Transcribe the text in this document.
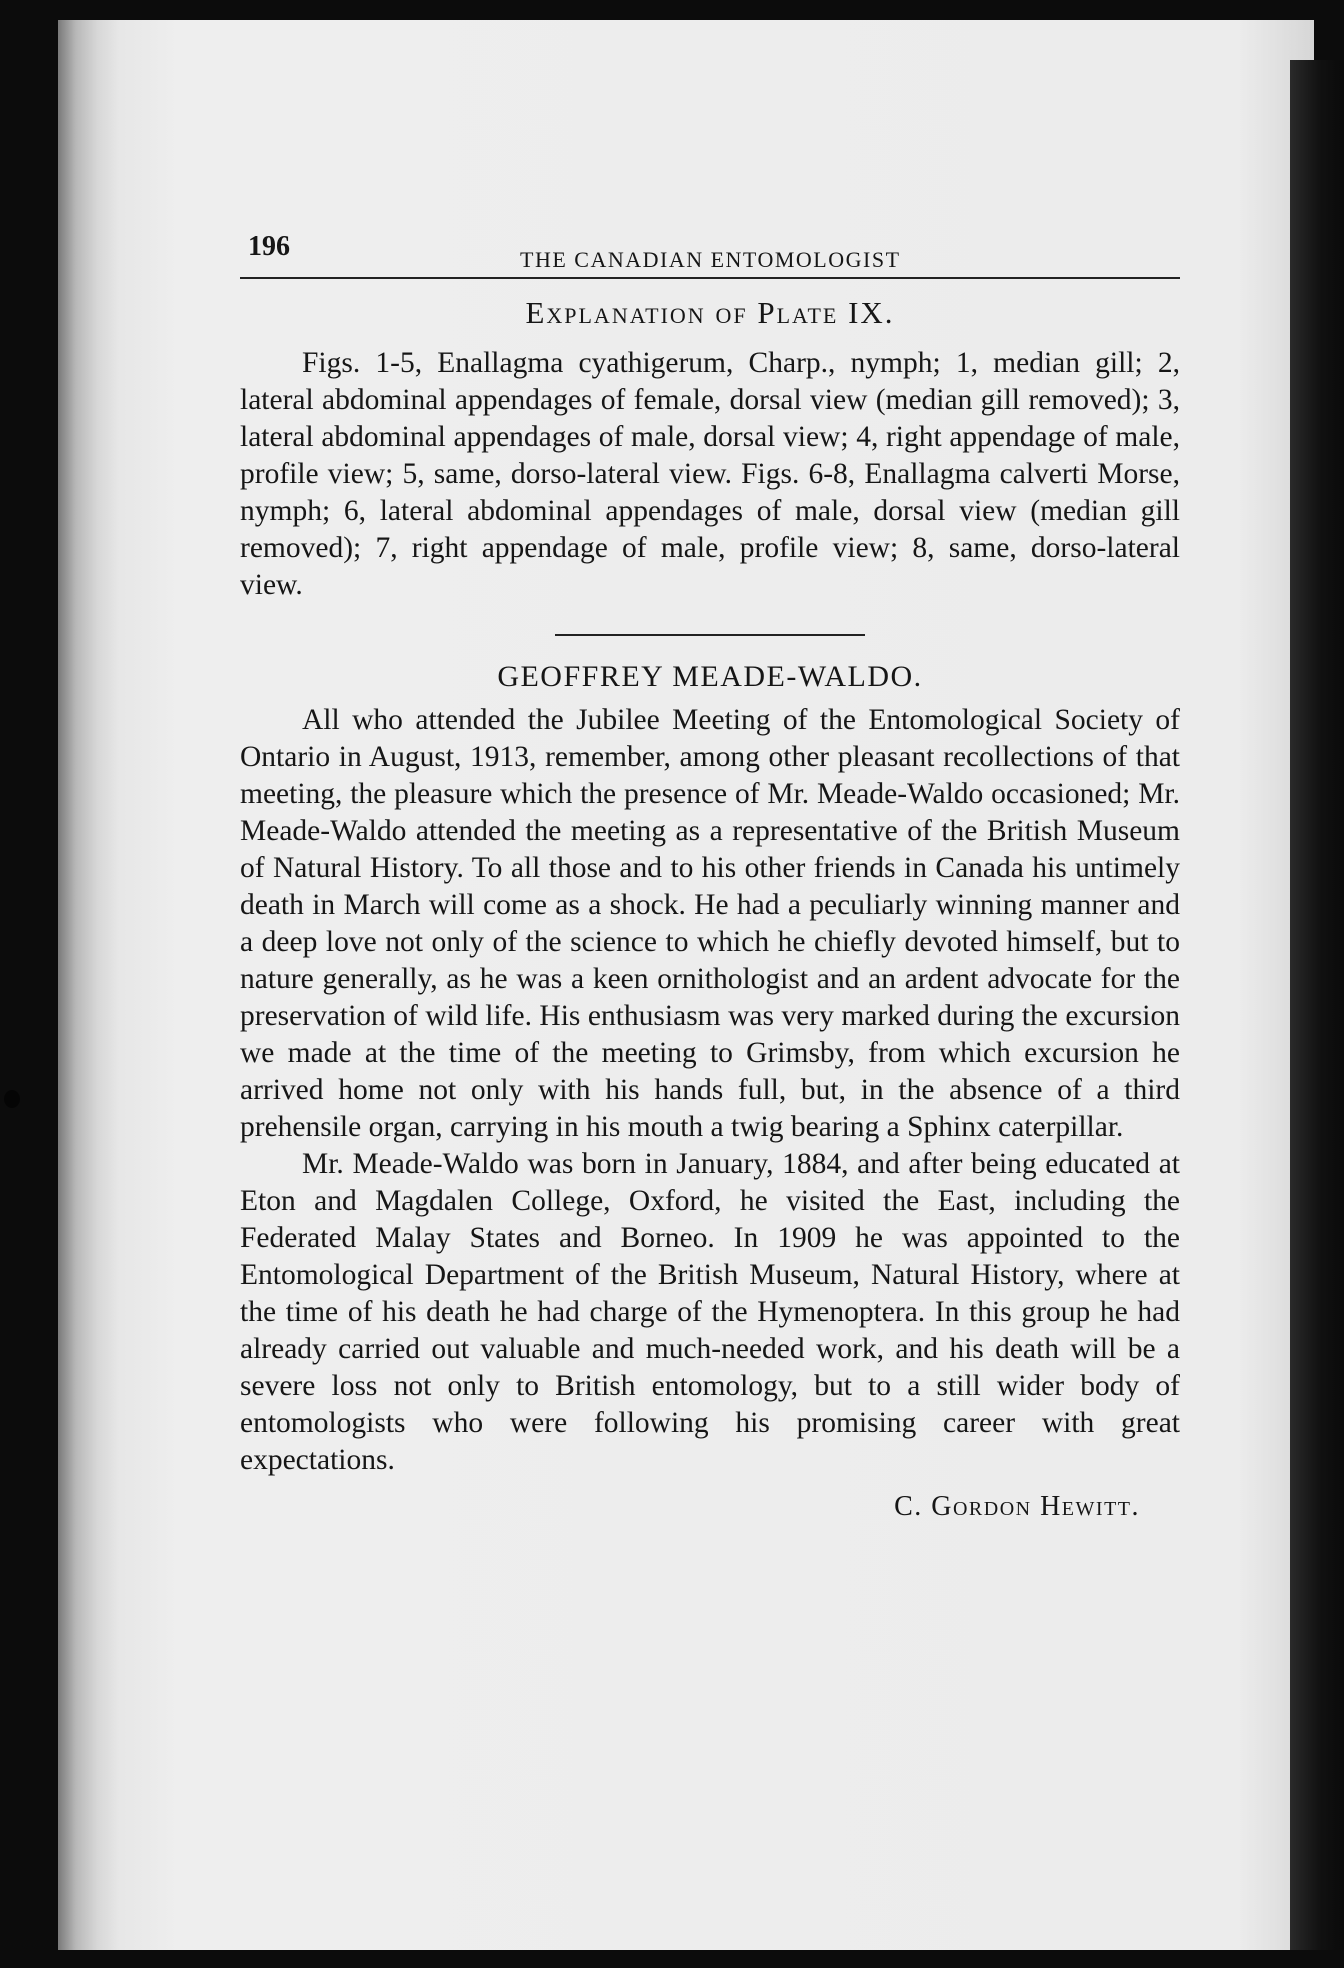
196	THE CANADIAN ENTOMOLOGIST
Explanation of Plate IX.

Figs. 1-5, Enallagma cyathigerum, Charp., nymph; 1, median gill; 2, lateral abdominal appendages of female, dorsal view (median gill removed); 3, lateral abdominal appendages of male, dorsal view; 4, right appendage of male, profile view; 5, same, dorso-lateral view. Figs. 6-8, Enallagma calverti Morse, nymph; 6, lateral abdominal appendages of male, dorsal view (median gill removed); 7, right appendage of male, profile view; 8, same, dorso-lateral view.

GEOFFREY MEADE-WALDO.

All who attended the Jubilee Meeting of the Entomological Society of Ontario in August, 1913, remember, among other pleasant recollections of that meeting, the pleasure which the presence of Mr. Meade-Waldo occasioned; Mr. Meade-Waldo attended the meeting as a representative of the British Museum of Natural History. To all those and to his other friends in Canada his untimely death in March will come as a shock. He had a peculiarly winning manner and a deep love not only of the science to which he chiefly devoted himself, but to nature generally, as he was a keen ornithologist and an ardent advocate for the preservation of wild life. His enthusiasm was very marked during the excursion we made at the time of the meeting to Grimsby, from which excursion he arrived home not only with his hands full, but, in the absence of a third prehensile organ, carrying in his mouth a twig bearing a Sphinx caterpillar.

Mr. Meade-Waldo was born in January, 1884, and after being educated at Eton and Magdalen College, Oxford, he visited the East, including the Federated Malay States and Borneo. In 1909 he was appointed to the Entomological Department of the British Museum, Natural History, where at the time of his death he had charge of the Hymenoptera. In this group he had already carried out valuable and much-needed work, and his death will be a severe loss not only to British entomology, but to a still wider body of entomologists who were following his promising career with great expectations.

C. Gordon Hewitt.
